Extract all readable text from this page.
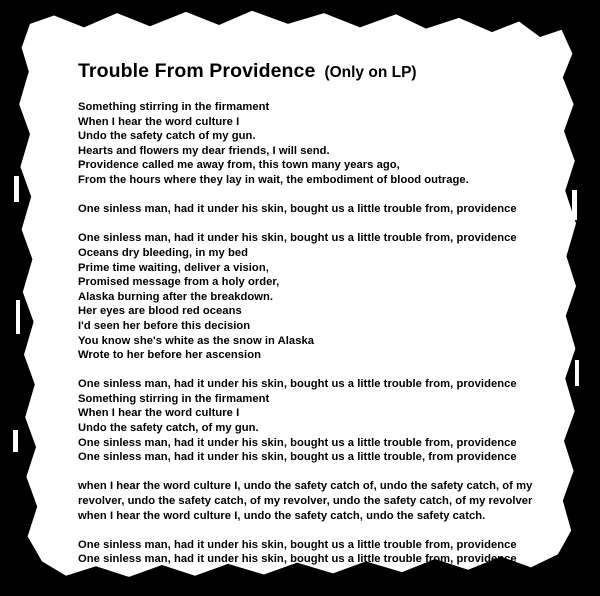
Trouble From Providence (Only on LP)
Something stirring in the firmament
When I hear the word culture I
Undo the safety catch of my gun.
Hearts and flowers my dear friends, I will send.
Providence called me away from, this town many years ago,
From the hours where they lay in wait, the embodiment of blood outrage.
One sinless man, had it under his skin, bought us a little trouble from, providence
One sinless man, had it under his skin, bought us a little trouble from, providence
Oceans dry bleeding, in my bed
Prime time waiting, deliver a vision,
Promised message from a holy order,
Alaska burning after the breakdown.
Her eyes are blood red oceans
I'd seen her before this decision
You know she's white as the snow in Alaska
Wrote to her before her ascension
One sinless man, had it under his skin, bought us a little trouble from, providence
Something stirring in the firmament
When I hear the word culture I
Undo the safety catch, of my gun.
One sinless man, had it under his skin, bought us a little trouble from, providence
One sinless man, had it under his skin, bought us a little trouble, from providence
when I hear the word culture I, undo the safety catch of, undo the safety catch, of my revolver, undo the safety catch, of my revolver, undo the safety catch, of my revolver
when I hear the word culture I, undo the safety catch, undo the safety catch.
One sinless man, had it under his skin, bought us a little trouble from, providence
One sinless man, had it under his skin, bought us a little trouble from, providence
